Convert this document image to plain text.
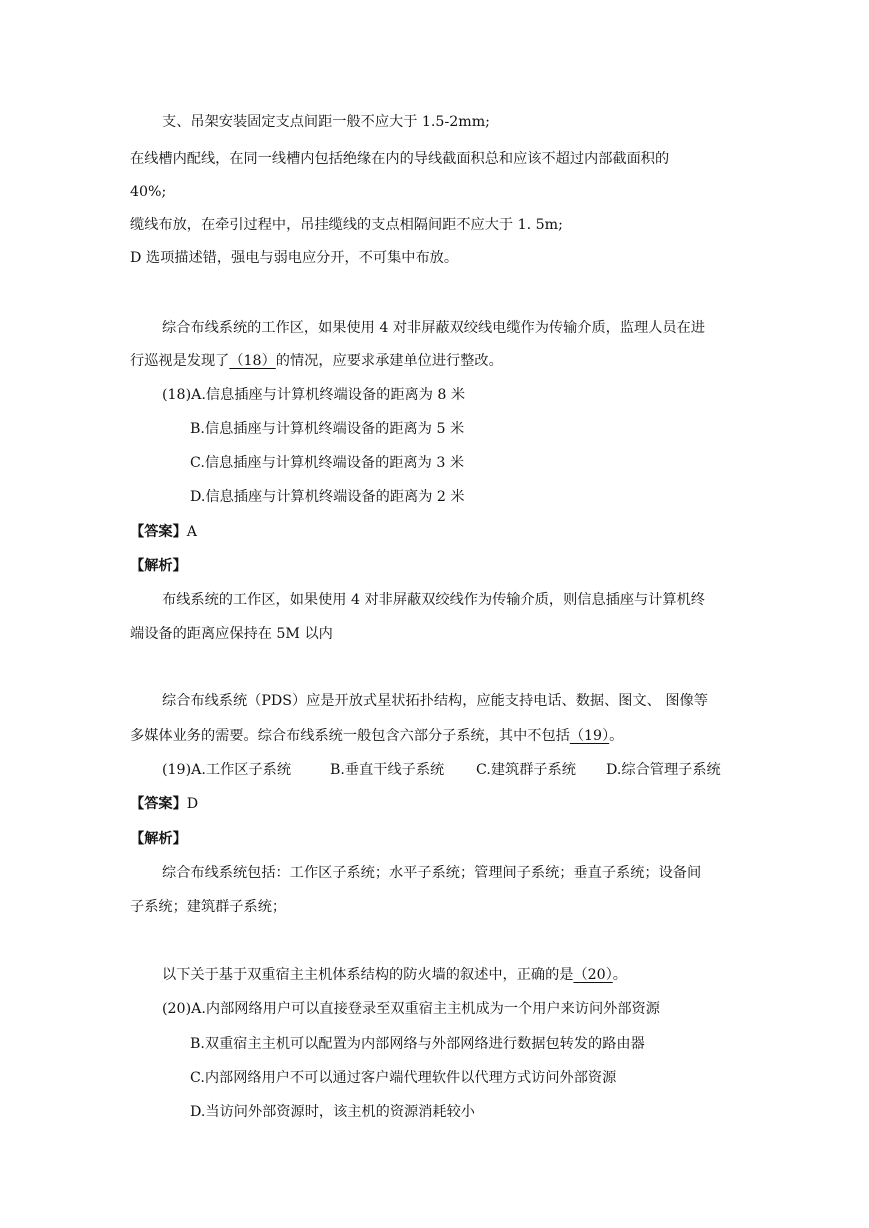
支、吊架安装固定支点间距一般不应大于 1.5-2mm;
在线槽内配线，在同一线槽内包括绝缘在内的导线截面积总和应该不超过内部截面积的
40%;
缆线布放，在牵引过程中，吊挂缆线的支点相隔间距不应大于 1. 5m;
D 选项描述错，强电与弱电应分开，不可集中布放。
综合布线系统的工作区，如果使用 4 对非屏蔽双绞线电缆作为传输介质，监理人员在进
行巡视是发现了（18）的情况，应要求承建单位进行整改。
(18)A.信息插座与计算机终端设备的距离为 8 米
B.信息插座与计算机终端设备的距离为 5 米
C.信息插座与计算机终端设备的距离为 3 米
D.信息插座与计算机终端设备的距离为 2 米
【答案】A
【解析】
布线系统的工作区，如果使用 4 对非屏蔽双绞线作为传输介质，则信息插座与计算机终
端设备的距离应保持在 5M 以内
综合布线系统（PDS）应是开放式星状拓扑结构，应能支持电话、数据、图文、 图像等
多媒体业务的需要。综合布线系统一般包含六部分子系统，其中不包括（19）。
(19)A.工作区子系统	B.垂直干线子系统 C.建筑群子系统 D.综合管理子系统
【答案】D
【解析】
综合布线系统包括：工作区子系统；水平子系统；管理间子系统；垂直子系统；设备间
子系统；建筑群子系统；
以下关于基于双重宿主主机体系结构的防火墙的叙述中，正确的是（20）。
(20)A.内部网络用户可以直接登录至双重宿主主机成为一个用户来访问外部资源
B.双重宿主主机可以配置为内部网络与外部网络进行数据包转发的路由器
C.内部网络用户不可以通过客户端代理软件以代理方式访问外部资源
D.当访问外部资源时，该主机的资源消耗较小
